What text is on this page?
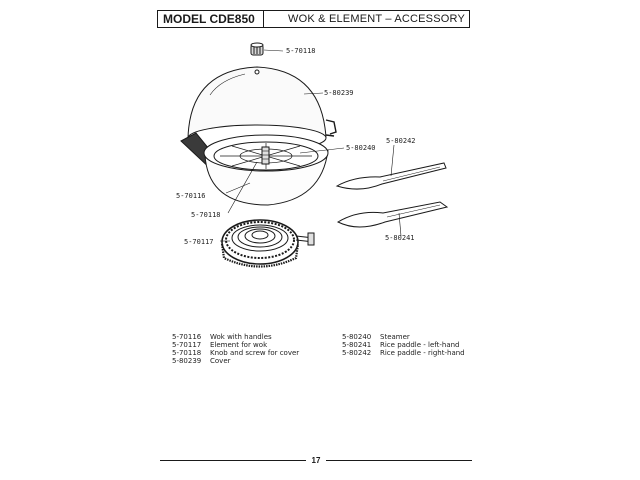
MODEL CDE850	WOK & ELEMENT – ACCESSORY
5-70118
5-80239
5-80240
5-80242
5-70116
5-70118
5-70117	5-80241
5-70116	Wok with handles
5-70117	Element for wok
5-70118	Knob and screw for cover
5-80239	Cover
5-80240	Steamer
5-80241	Rice paddle - left-hand
5-80242	Rice paddle - right-hand
17
